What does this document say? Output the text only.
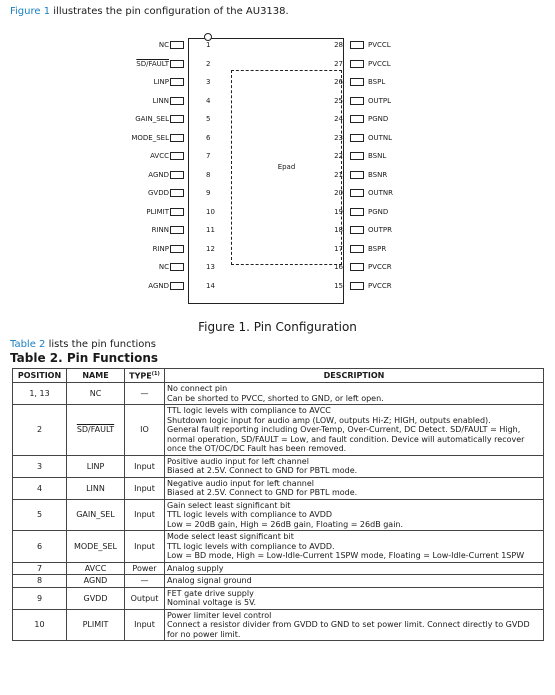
Figure 1 illustrates the pin configuration of the AU3138.
Epad
1
NC
2
SD/FAULT
3
LINP
4
LINN
5
GAIN_SEL
6
MODE_SEL
7
AVCC
8
AGND
9
GVDD
10
PLIMIT
11
RINN
12
RINP
13
NC
14
AGND
28	PVCCL
27	PVCCL
26	BSPL
25	OUTPL
24	PGND
23	OUTNL
22	BSNL
21	BSNR
20	OUTNR
19	PGND
18	OUTPR
17	BSPR
16	PVCCR
15	PVCCR
Figure 1. Pin Configuration
Table 2 lists the pin functions
Table 2. Pin Functions
POSITION	NAME	TYPE$^{(1)}$	DESCRIPTION
1, 13	NC	—	No connect pin
Can be shorted to PVCC, shorted to GND, or left open.

2	SD/FAULT	IO	TTL logic levels with compliance to AVCC
Shutdown logic input for audio amp (LOW, outputs Hi-Z; HIGH, outputs enabled).
General fault reporting including Over-Temp, Over-Current, DC Detect. SD/FAULT = High, normal operation, SD/FAULT = Low, and fault condition. Device will automatically recover once the OT/OC/DC Fault has been removed.

3	LINP	Input	Positive audio input for left channel
Biased at 2.5V. Connect to GND for PBTL mode.

4	LINN	Input	Negative audio input for left channel
Biased at 2.5V. Connect to GND for PBTL mode.

5	GAIN_SEL	Input	Gain select least significant bit
TTL logic levels with compliance to AVDD
Low = 20dB gain, High = 26dB gain, Floating = 26dB gain.

6	MODE_SEL	Input	Mode select least significant bit
TTL logic levels with compliance to AVDD.
Low = BD mode, High = Low-Idle-Current 1SPW mode, Floating = Low-Idle-Current 1SPW

7	AVCC	Power	Analog supply

8	AGND	—	Analog signal ground

9	GVDD	Output	FET gate drive supply
Nominal voltage is 5V.

10	PLIMIT	Input	Power limiter level control
Connect a resistor divider from GVDD to GND to set power limit. Connect directly to GVDD for no power limit.
